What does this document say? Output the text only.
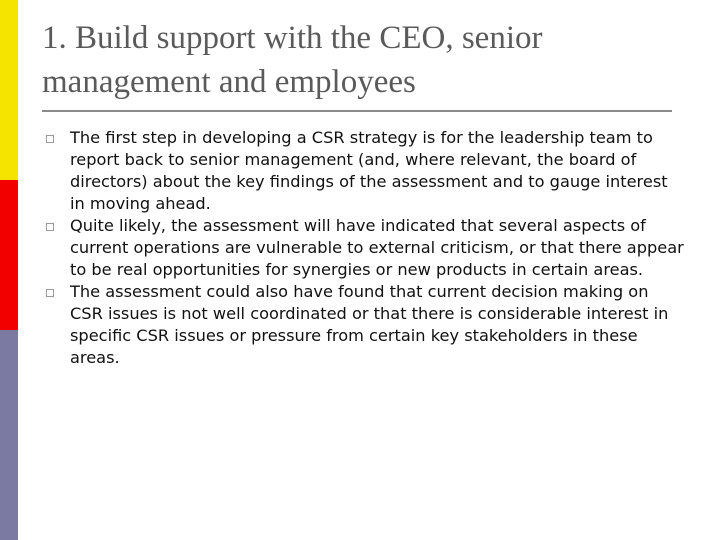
1. Build support with the CEO, senior management and employees
The first step in developing a CSR strategy is for the leadership team to report back to senior management (and, where relevant, the board of directors) about the key findings of the assessment and to gauge interest in moving ahead.
Quite likely, the assessment will have indicated that several aspects of current operations are vulnerable to external criticism, or that there appear to be real opportunities for synergies or new products in certain areas.
The assessment could also have found that current decision making on CSR issues is not well coordinated or that there is considerable interest in specific CSR issues or pressure from certain key stakeholders in these areas.
